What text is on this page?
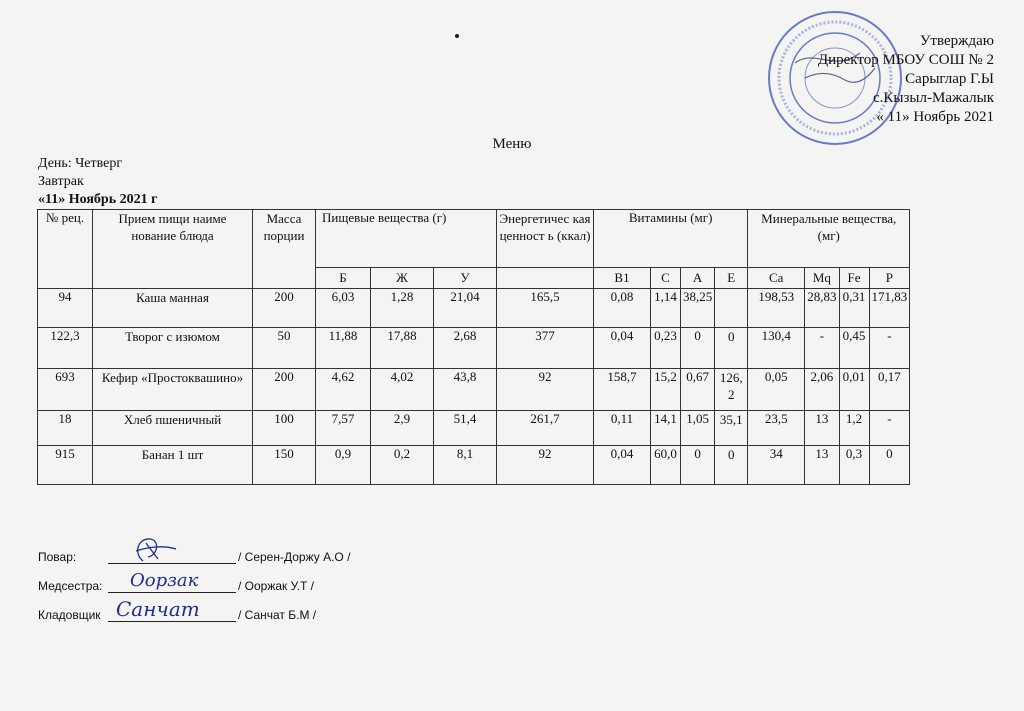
Утверждаю
Директор МБОУ СОШ № 2
Сарыглар Г.Ы
с.Кызыл-Мажалык
« 11» Ноябрь 2021
Меню
День: Четверг
Завтрак
«11» Ноябрь 2021 г
№ рец.	Прием пищи наиме нование блюда	Масса порции	Пищевые вещества (г)			Энергетичес кая ценност ь (ккал)	Витамины (мг)				Минеральные вещества, (мг)			
			Б	Ж	У		B1	C	A	E	Ca	Mq	Fe	P
94	Каша манная	200	6,03	1,28	21,04	165,5	0,08	1,14	38,25		198,53	28,83	0,31	171,83
122,3	Творог с изюмом	50	11,88	17,88	2,68	377	0,04	0,23	0	0	130,4	-	0,45	-
693	Кефир «Простоквашино»	200	4,62	4,02	43,8	92	158,7	15,2	0,67	126, 2	0,05	2,06	0,01	0,17
18	Хлеб пшеничный	100	7,57	2,9	51,4	261,7	0,11	14,1	1,05	35,1	23,5	13	1,2	-
915	Банан 1 шт	150	0,9	0,2	8,1	92	0,04	60,0	0	0	34	13	0,3	0
Повар:	/ Серен-Доржу А.О /
Медсестра: Оорзак	/ Ооржак У.Т /
Кладовщик Санчат	/ Санчат Б.М /
